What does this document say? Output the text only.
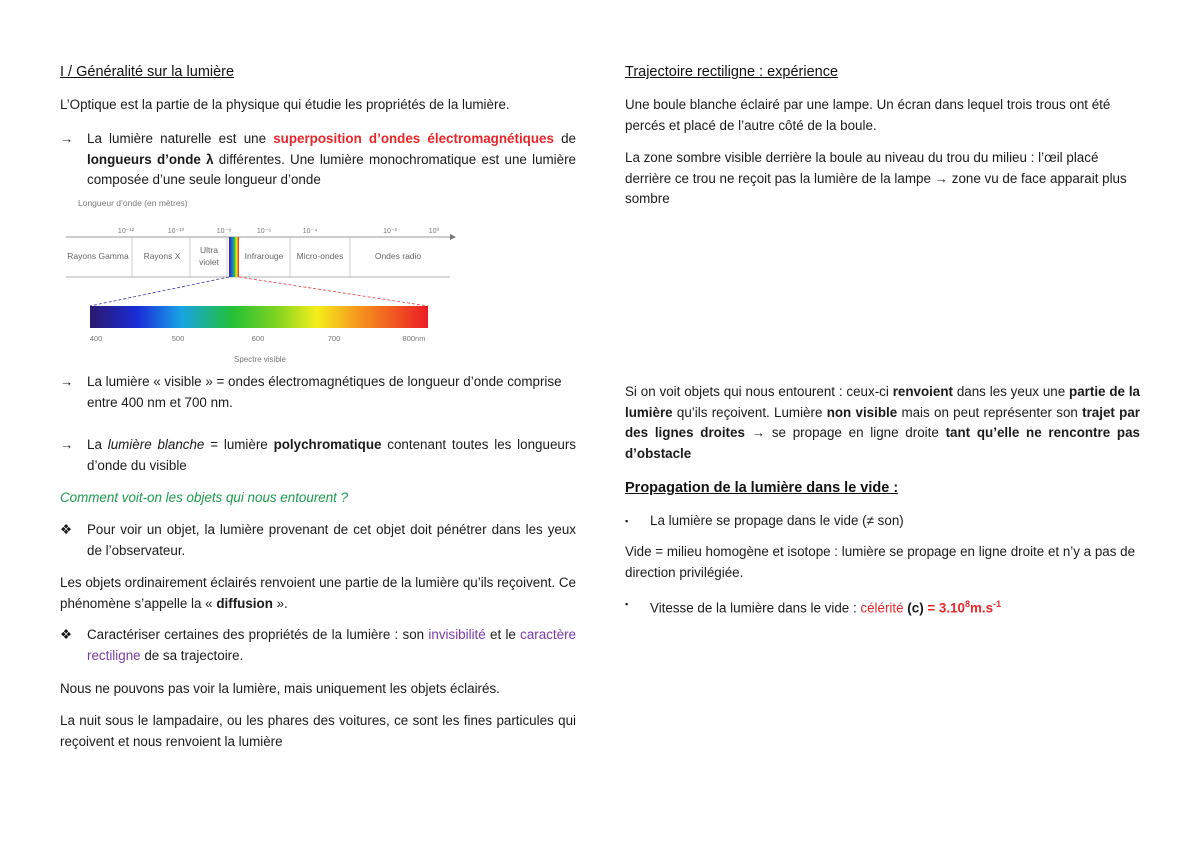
I / Généralité sur la lumière

L’Optique est la partie de la physique qui étudie les propriétés de la lumière.

→	La lumière naturelle est une superposition d’ondes électromagnétiques de longueurs d’onde λ différentes. Une lumière monochromatique est une lumière composée d’une seule longueur d’onde

Longueur d’onde (en mètres)
10⁻¹²	10⁻¹⁰	10⁻⁸	10⁻⁶	10⁻⁴	10⁻²	10⁰
Rayons Gamma Rayons X
Ultra
violet
Infrarouge Micro-ondes	Ondes radio
400	500	600	700	800nm
Spectre visible
→	La lumière « visible » = ondes électromagnétiques de longueur d’onde comprise entre 400 nm et 700 nm.

→	La lumière blanche = lumière polychromatique contenant toutes les longueurs d’onde du visible

Comment voit-on les objets qui nous entourent ?

❖	Pour voir un objet, la lumière provenant de cet objet doit pénétrer dans les yeux de l’observateur.

Les objets ordinairement éclairés renvoient une partie de la lumière qu’ils reçoivent. Ce phénomène s’appelle la « diffusion ».

❖	Caractériser certaines des propriétés de la lumière : son invisibilité et le caractère rectiligne de sa trajectoire.

Nous ne pouvons pas voir la lumière, mais uniquement les objets éclairés.

La nuit sous le lampadaire, ou les phares des voitures, ce sont les fines particules qui reçoivent et nous renvoient la lumière

Trajectoire rectiligne : expérience

Une boule blanche éclairé par une lampe. Un écran dans lequel trois trous ont été percés et placé de l’autre côté de la boule.

La zone sombre visible derrière la boule au niveau du trou du milieu : l’œil placé derrière ce trou ne reçoit pas la lumière de la lampe → zone vu de face apparait plus sombre

Si on voit objets qui nous entourent : ceux-ci renvoient dans les yeux une partie de la lumière qu’ils reçoivent. Lumière non visible mais on peut représenter son trajet par des lignes droites → se propage en ligne droite tant qu’elle ne rencontre pas d’obstacle

Propagation de la lumière dans le vide :

▪	La lumière se propage dans le vide (≠ son)

Vide = milieu homogène et isotope : lumière se propage en ligne droite et n’y a pas de direction privilégiée.

▪	Vitesse de la lumière dans le vide : célérité $(c) = 3.10^8m.s^{-1}$
